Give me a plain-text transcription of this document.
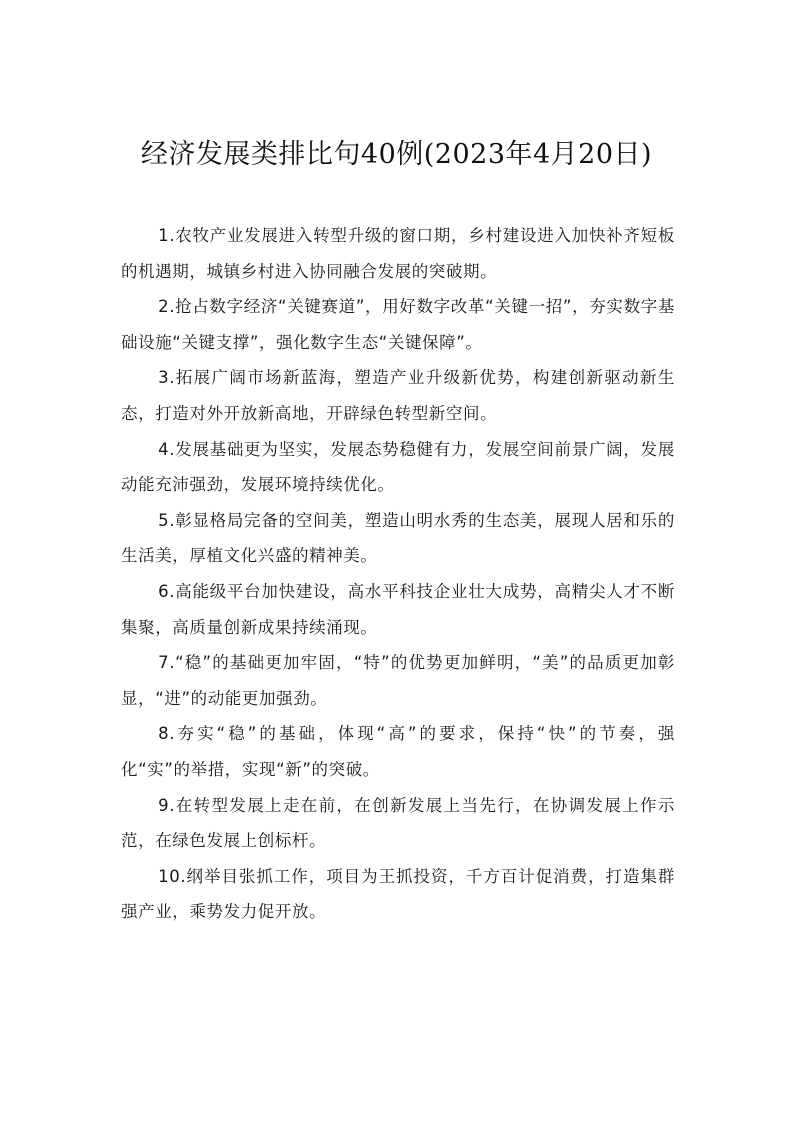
经济发展类排比句40例(2023年4月20日)

1.农牧产业发展进入转型升级的窗口期，乡村建设进入加快补齐短板的机遇期，城镇乡村进入协同融合发展的突破期。

2.抢占数字经济“关键赛道”，用好数字改革“关键一招”，夯实数字基础设施“关键支撑”，强化数字生态“关键保障”。

3.拓展广阔市场新蓝海，塑造产业升级新优势，构建创新驱动新生态，打造对外开放新高地，开辟绿色转型新空间。

4.发展基础更为坚实，发展态势稳健有力，发展空间前景广阔，发展动能充沛强劲，发展环境持续优化。

5.彰显格局完备的空间美，塑造山明水秀的生态美，展现人居和乐的生活美，厚植文化兴盛的精神美。

6.高能级平台加快建设，高水平科技企业壮大成势，高精尖人才不断集聚，高质量创新成果持续涌现。

7.“稳”的基础更加牢固，“特”的优势更加鲜明，“美”的品质更加彰显，“进”的动能更加强劲。

8.夯实“稳”的基础，体现“高”的要求，保持“快”的节奏，强化“实”的举措，实现“新”的突破。

9.在转型发展上走在前，在创新发展上当先行，在协调发展上作示范，在绿色发展上创标杆。

10.纲举目张抓工作，项目为王抓投资，千方百计促消费，打造集群强产业，乘势发力促开放。
